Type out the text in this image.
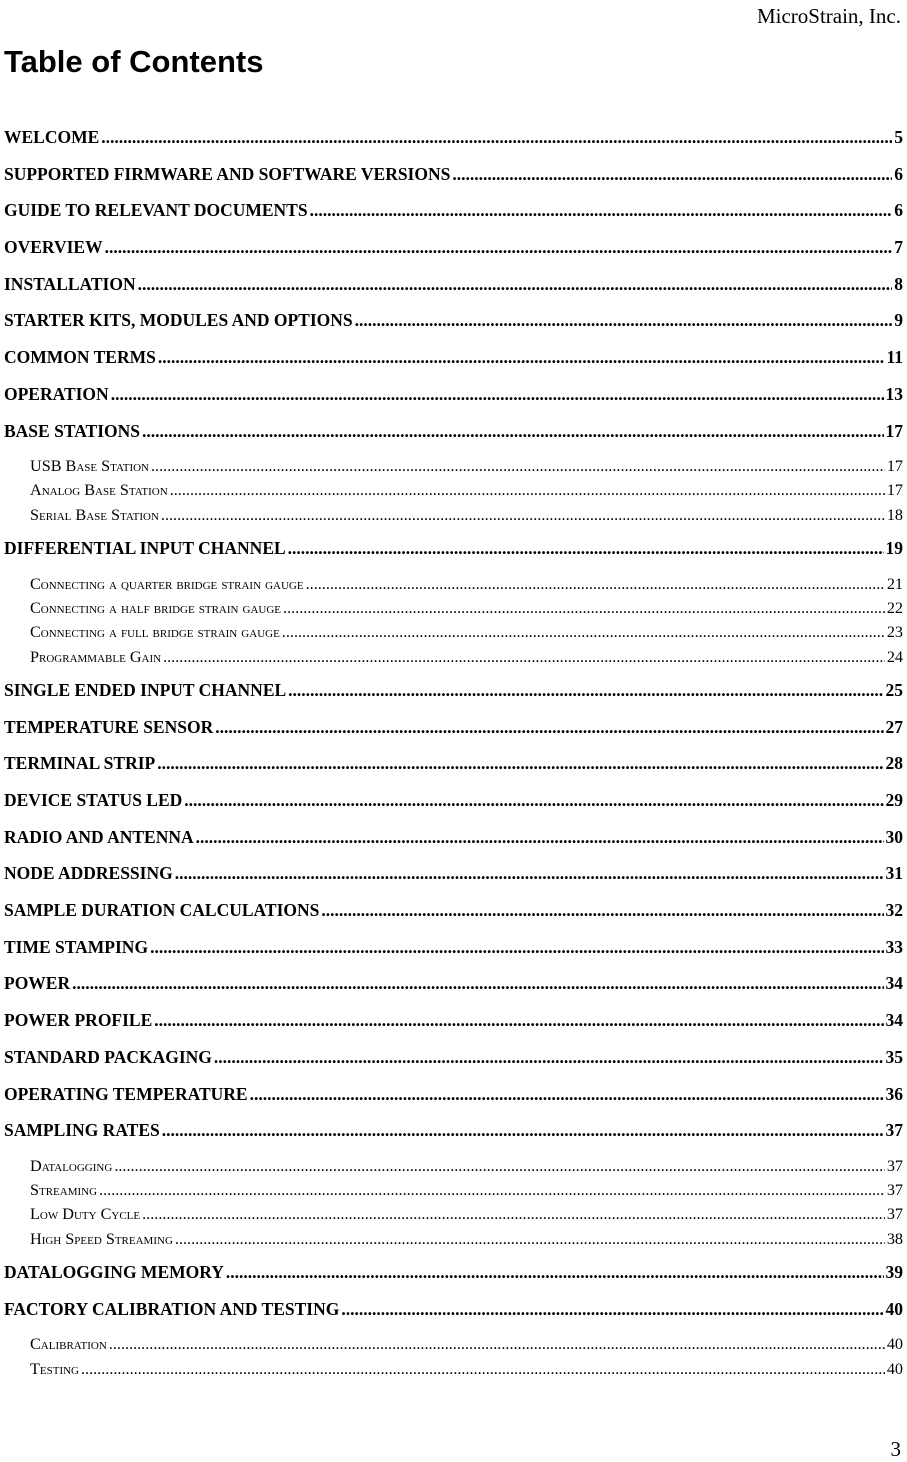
MicroStrain, Inc.
Table of Contents
WELCOME .....	5
SUPPORTED FIRMWARE AND SOFTWARE VERSIONS .....	6
GUIDE TO RELEVANT DOCUMENTS .....	6
OVERVIEW .....	7
INSTALLATION .....	8
STARTER KITS, MODULES AND OPTIONS .....	9
COMMON TERMS .....	11
OPERATION .....	13
BASE STATIONS .....	17
USB Base Station .....	17
Analog Base Station .....	17
Serial Base Station .....	18
DIFFERENTIAL INPUT CHANNEL .....	19
Connecting a quarter bridge strain gauge .....	21
Connecting a half bridge strain gauge .....	22
Connecting a full bridge strain gauge .....	23
Programmable Gain .....	24
SINGLE ENDED INPUT CHANNEL .....	25
TEMPERATURE SENSOR .....	27
TERMINAL STRIP .....	28
DEVICE STATUS LED .....	29
RADIO AND ANTENNA .....	30
NODE ADDRESSING .....	31
SAMPLE DURATION CALCULATIONS .....	32
TIME STAMPING .....	33
POWER .....	34
POWER PROFILE .....	34
STANDARD PACKAGING .....	35
OPERATING TEMPERATURE .....	36
SAMPLING RATES .....	37
Datalogging .....	37
Streaming .....	37
Low Duty Cycle .....	37
High Speed Streaming .....	38
DATALOGGING MEMORY .....	39
FACTORY CALIBRATION AND TESTING .....	40
Calibration .....	40
Testing .....	40
3
